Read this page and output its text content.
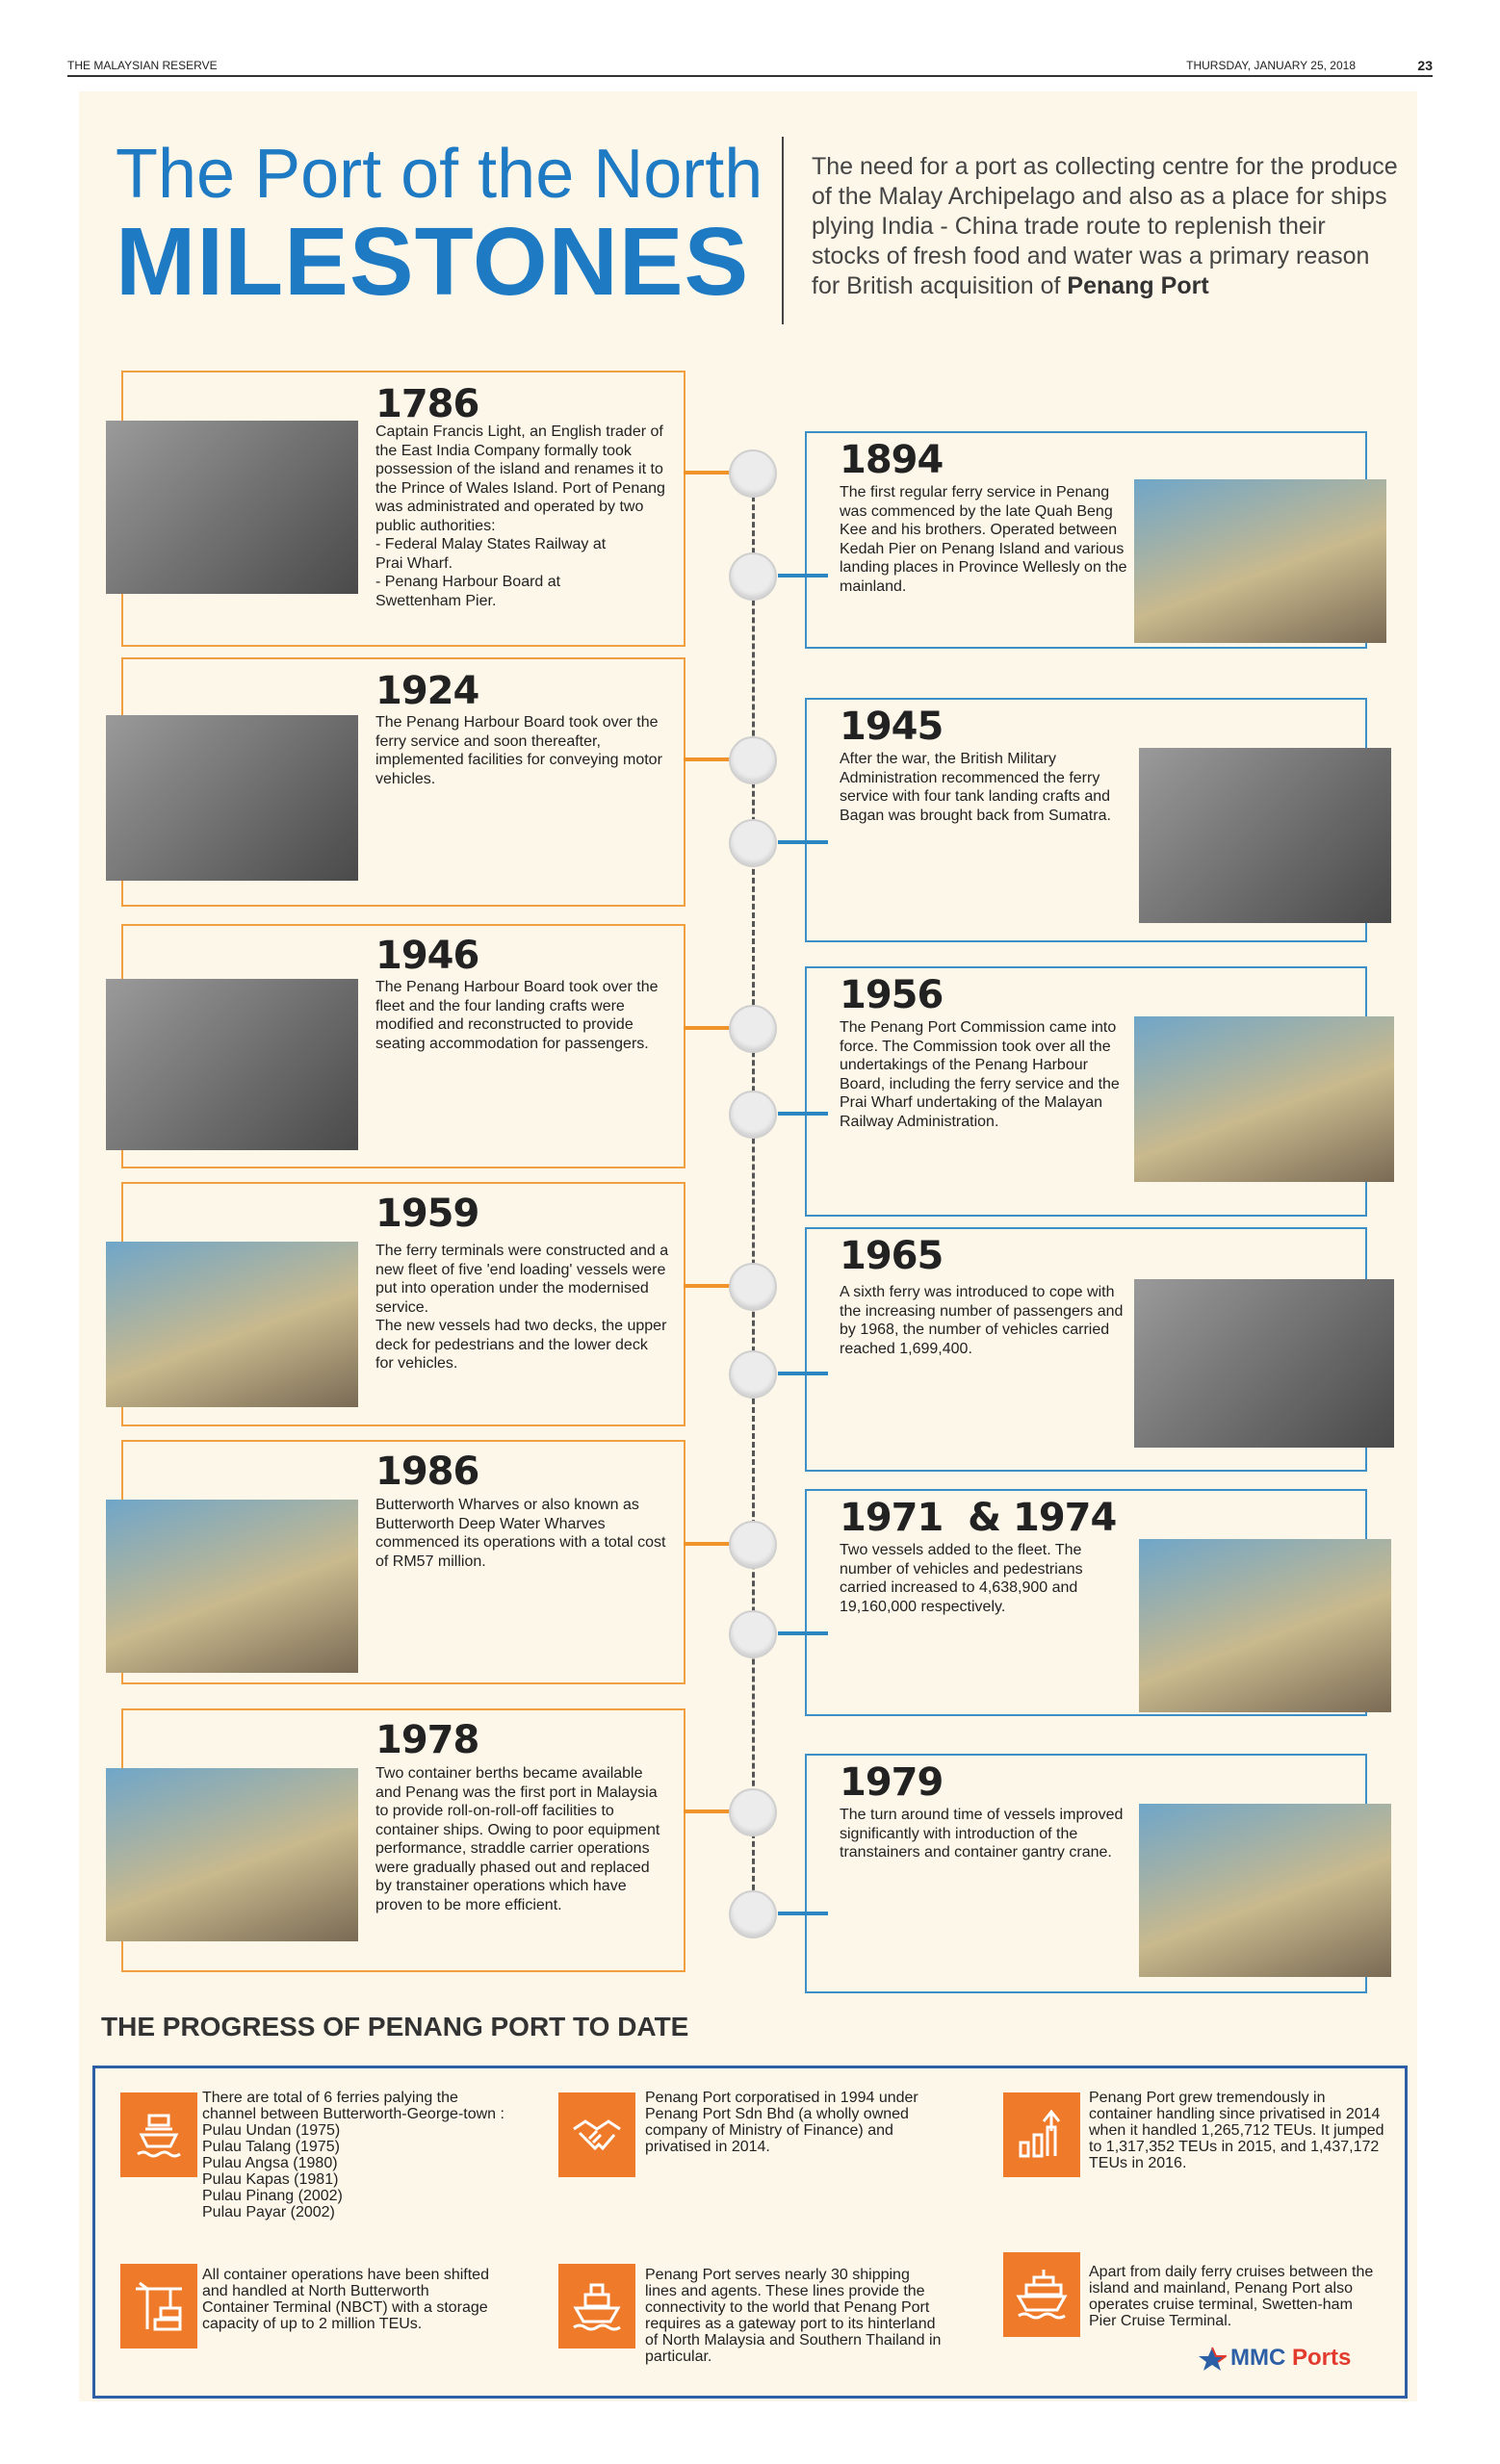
THE MALAYSIAN RESERVE	THURSDAY, JANUARY 25, 2018	23
The Port of the North
MILESTONES
The need for a port as collecting centre for the produce of the Malay Archipelago and also as a place for ships plying India - China trade route to replenish their stocks of fresh food and water was a primary reason for British acquisition of Penang Port
1786
Captain Francis Light, an English trader of the East India Company formally took possession of the island and renames it to the Prince of Wales Island. Port of Penang was administrated and operated by two public authorities:
- Federal Malay States Railway at
Prai Wharf.
- Penang Harbour Board at
Swettenham Pier.
1924
The Penang Harbour Board took over the ferry service and soon thereafter, implemented facilities for conveying motor vehicles.
1946
The Penang Harbour Board took over the fleet and the four landing crafts were modified and reconstructed to provide seating accommodation for passengers.
1959
The ferry terminals were constructed and a new fleet of five 'end loading' vessels were put into operation under the modernised service.
The new vessels had two decks, the upper deck for pedestrians and the lower deck for vehicles.
1986
Butterworth Wharves or also known as Butterworth Deep Water Wharves commenced its operations with a total cost of RM57 million.
1978
Two container berths became available and Penang was the first port in Malaysia to provide roll-on-roll-off facilities to container ships. Owing to poor equipment performance, straddle carrier operations were gradually phased out and replaced by transtainer operations which have proven to be more efficient.
1894
The first regular ferry service in Penang was commenced by the late Quah Beng Kee and his brothers. Operated between Kedah Pier on Penang Island and various landing places in Province Wellesly on the mainland.
1945
After the war, the British Military Administration recommenced the ferry service with four tank landing crafts and Bagan was brought back from Sumatra.
1956
The Penang Port Commission came into force. The Commission took over all the undertakings of the Penang Harbour Board, including the ferry service and the Prai Wharf undertaking of the Malayan Railway Administration.
1965
A sixth ferry was introduced to cope with the increasing number of passengers and by 1968, the number of vehicles carried reached 1,699,400.
1971  & 1974
Two vessels added to the fleet. The number of vehicles and pedestrians carried increased to 4,638,900 and 19,160,000 respectively.
1979
The turn around time of vessels improved significantly with introduction of the transtainers and container gantry crane.
THE PROGRESS OF PENANG PORT TO DATE
There are total of 6 ferries palying the channel between Butterworth-George-town :
Pulau Undan (1975)
Pulau Talang (1975)
Pulau Angsa (1980)
Pulau Kapas (1981)
Pulau Pinang (2002)
Pulau Payar (2002)
Penang Port corporatised in 1994 under Penang Port Sdn Bhd (a wholly owned company of Ministry of Finance) and privatised in 2014.
Penang Port grew tremendously in container handling since privatised in 2014 when it handled 1,265,712 TEUs. It jumped to 1,317,352 TEUs in 2015, and 1,437,172 TEUs in 2016.
All container operations have been shifted and handled at North Butterworth Container Terminal (NBCT) with a storage capacity of up to 2 million TEUs.
Penang Port serves nearly 30 shipping lines and agents. These lines provide the connectivity to the world that Penang Port requires as a gateway port to its hinterland of North Malaysia and Southern Thailand in particular.
Apart from daily ferry cruises between the island and mainland, Penang Port also operates cruise terminal, Swetten-ham Pier Cruise Terminal.
MMC Ports
